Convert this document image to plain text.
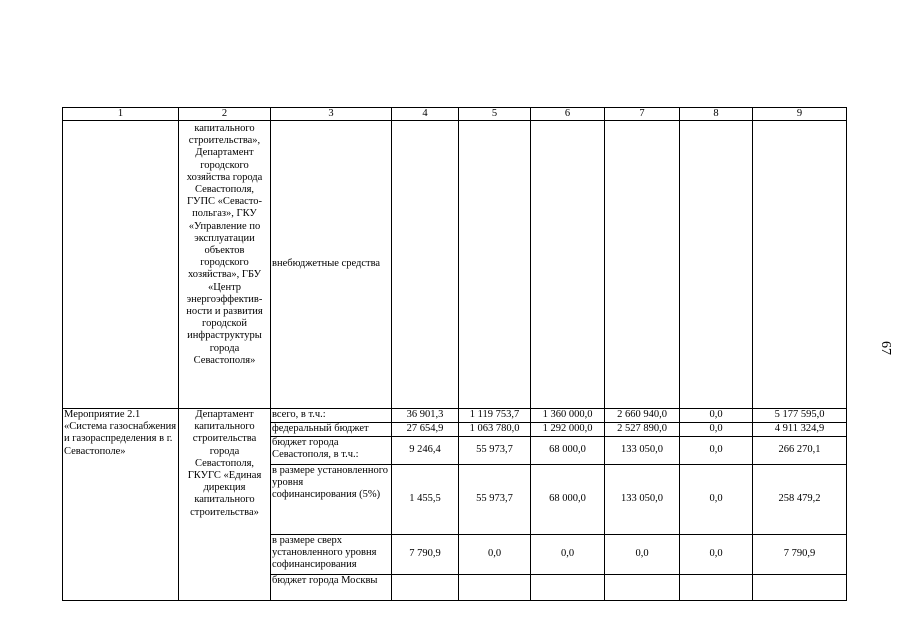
1	2	3	4	5	6	7	8	9
	капитального строительства», Департамент городского хозяйства города Севастополя, ГУПС «Севасто-польгаз», ГКУ «Управление по эксплуатации объектов городского хозяйства», ГБУ «Центр энергоэффектив-ности и развития городской инфраструктуры города Севастополя»	внебюджетные средства						
Мероприятие 2.1 «Система газоснабжения и газораспределения в г. Севастополе»	Департамент капитального строительства города Севастополя, ГКУГС «Единая дирекция капитального строительства»	всего, в т.ч.:	36 901,3	1 119 753,7	1 360 000,0	2 660 940,0	0,0	5 177 595,0
		федеральный бюджет	27 654,9	1 063 780,0	1 292 000,0	2 527 890,0	0,0	4 911 324,9
		бюджет города Севастополя, в т.ч.:	9 246,4	55 973,7	68 000,0	133 050,0	0,0	266 270,1
		в размере установленного уровня софинансирования (5%)	1 455,5	55 973,7	68 000,0	133 050,0	0,0	258 479,2
		в размере сверх установленного уровня софинансирования	7 790,9	0,0	0,0	0,0	0,0	7 790,9
		бюджет города Москвы						
67
